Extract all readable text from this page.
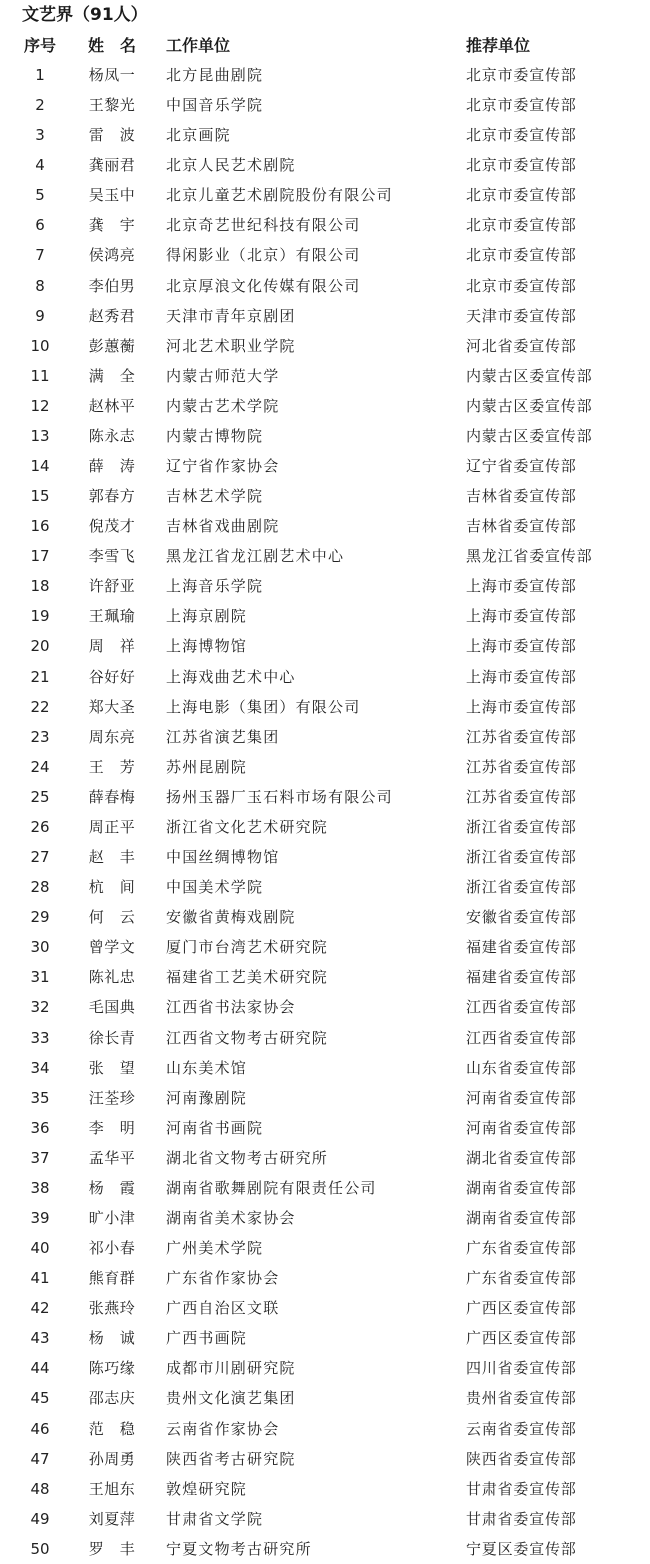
文艺界（91人）
序号	姓　名	工作单位	推荐单位
1	杨凤一	北方昆曲剧院	北京市委宣传部
2	王黎光	中国音乐学院	北京市委宣传部
3	雷　波	北京画院	北京市委宣传部
4	龚丽君	北京人民艺术剧院	北京市委宣传部
5	吴玉中	北京儿童艺术剧院股份有限公司	北京市委宣传部
6	龚　宇	北京奇艺世纪科技有限公司	北京市委宣传部
7	侯鸿亮	得闲影业（北京）有限公司	北京市委宣传部
8	李伯男	北京厚浪文化传媒有限公司	北京市委宣传部
9	赵秀君	天津市青年京剧团	天津市委宣传部
10	彭蕙蘅	河北艺术职业学院	河北省委宣传部
11	满　全	内蒙古师范大学	内蒙古区委宣传部
12	赵林平	内蒙古艺术学院	内蒙古区委宣传部
13	陈永志	内蒙古博物院	内蒙古区委宣传部
14	薛　涛	辽宁省作家协会	辽宁省委宣传部
15	郭春方	吉林艺术学院	吉林省委宣传部
16	倪茂才	吉林省戏曲剧院	吉林省委宣传部
17	李雪飞	黑龙江省龙江剧艺术中心	黑龙江省委宣传部
18	许舒亚	上海音乐学院	上海市委宣传部
19	王珮瑜	上海京剧院	上海市委宣传部
20	周　祥	上海博物馆	上海市委宣传部
21	谷好好	上海戏曲艺术中心	上海市委宣传部
22	郑大圣	上海电影（集团）有限公司	上海市委宣传部
23	周东亮	江苏省演艺集团	江苏省委宣传部
24	王　芳	苏州昆剧院	江苏省委宣传部
25	薛春梅	扬州玉器厂玉石料市场有限公司	江苏省委宣传部
26	周正平	浙江省文化艺术研究院	浙江省委宣传部
27	赵　丰	中国丝绸博物馆	浙江省委宣传部
28	杭　间	中国美术学院	浙江省委宣传部
29	何　云	安徽省黄梅戏剧院	安徽省委宣传部
30	曾学文	厦门市台湾艺术研究院	福建省委宣传部
31	陈礼忠	福建省工艺美术研究院	福建省委宣传部
32	毛国典	江西省书法家协会	江西省委宣传部
33	徐长青	江西省文物考古研究院	江西省委宣传部
34	张　望	山东美术馆	山东省委宣传部
35	汪荃珍	河南豫剧院	河南省委宣传部
36	李　明	河南省书画院	河南省委宣传部
37	孟华平	湖北省文物考古研究所	湖北省委宣传部
38	杨　霞	湖南省歌舞剧院有限责任公司	湖南省委宣传部
39	旷小津	湖南省美术家协会	湖南省委宣传部
40	祁小春	广州美术学院	广东省委宣传部
41	熊育群	广东省作家协会	广东省委宣传部
42	张燕玲	广西自治区文联	广西区委宣传部
43	杨　诚	广西书画院	广西区委宣传部
44	陈巧缘	成都市川剧研究院	四川省委宣传部
45	邵志庆	贵州文化演艺集团	贵州省委宣传部
46	范　稳	云南省作家协会	云南省委宣传部
47	孙周勇	陕西省考古研究院	陕西省委宣传部
48	王旭东	敦煌研究院	甘肃省委宣传部
49	刘夏萍	甘肃省文学院	甘肃省委宣传部
50	罗　丰	宁夏文物考古研究所	宁夏区委宣传部
